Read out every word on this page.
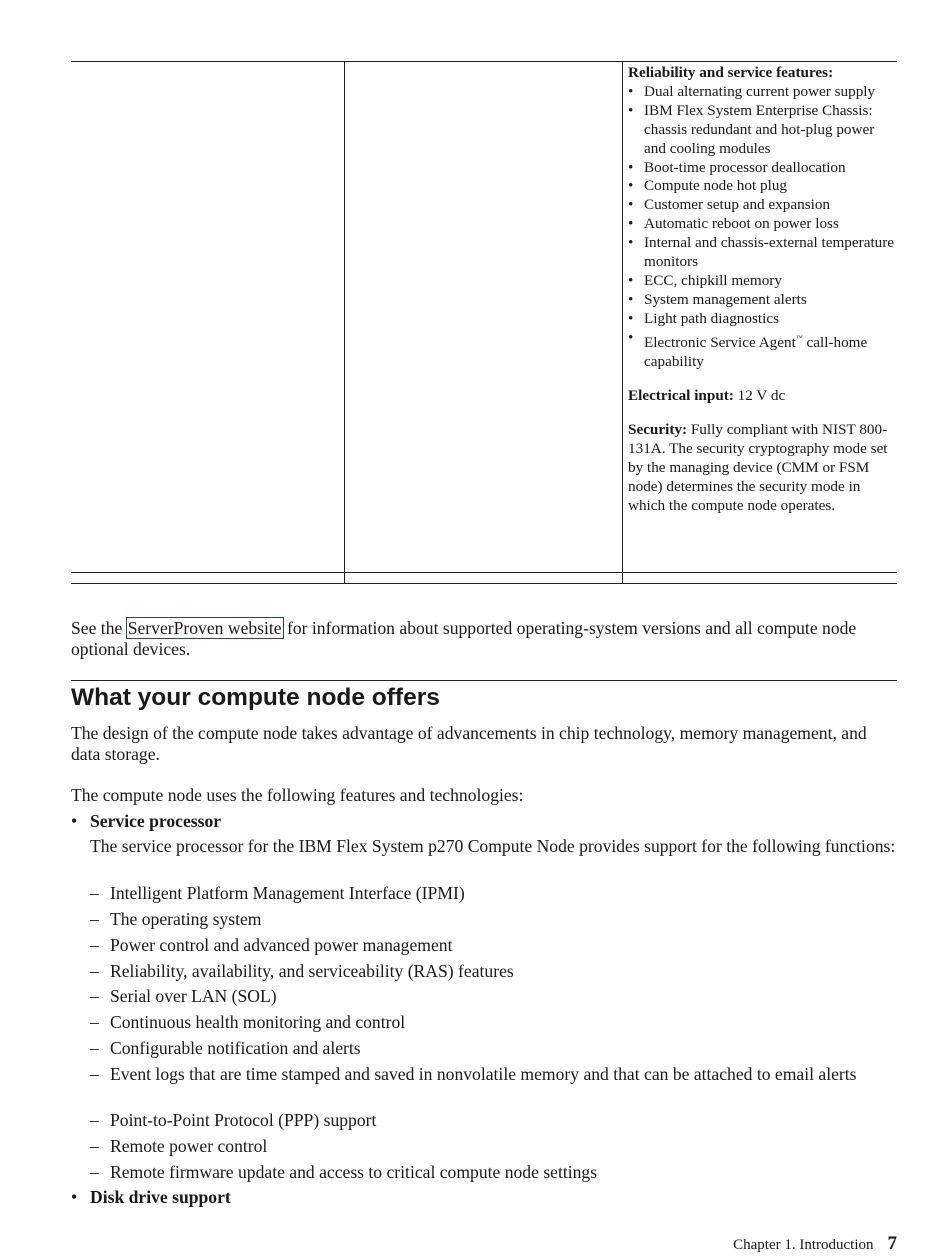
Reliability and service features:
• Dual alternating current power supply
• IBM Flex System Enterprise Chassis: chassis redundant and hot-plug power and cooling modules
• Boot-time processor deallocation
• Compute node hot plug
• Customer setup and expansion
• Automatic reboot on power loss
• Internal and chassis-external temperature monitors
• ECC, chipkill memory
• System management alerts
• Light path diagnostics
• Electronic Service Agent™ call-home capability
Electrical input: 12 V dc
Security: Fully compliant with NIST 800-131A. The security cryptography mode set by the managing device (CMM or FSM node) determines the security mode in which the compute node operates.
See the ServerProven website for information about supported operating-system versions and all compute node optional devices.
What your compute node offers
The design of the compute node takes advantage of advancements in chip technology, memory management, and data storage.
The compute node uses the following features and technologies:
• Service processor
The service processor for the IBM Flex System p270 Compute Node provides support for the following functions:
– Intelligent Platform Management Interface (IPMI)
– The operating system
– Power control and advanced power management
– Reliability, availability, and serviceability (RAS) features
– Serial over LAN (SOL)
– Continuous health monitoring and control
– Configurable notification and alerts
– Event logs that are time stamped and saved in nonvolatile memory and that can be attached to email alerts
– Point-to-Point Protocol (PPP) support
– Remote power control
– Remote firmware update and access to critical compute node settings
• Disk drive support
Chapter 1. Introduction 7
